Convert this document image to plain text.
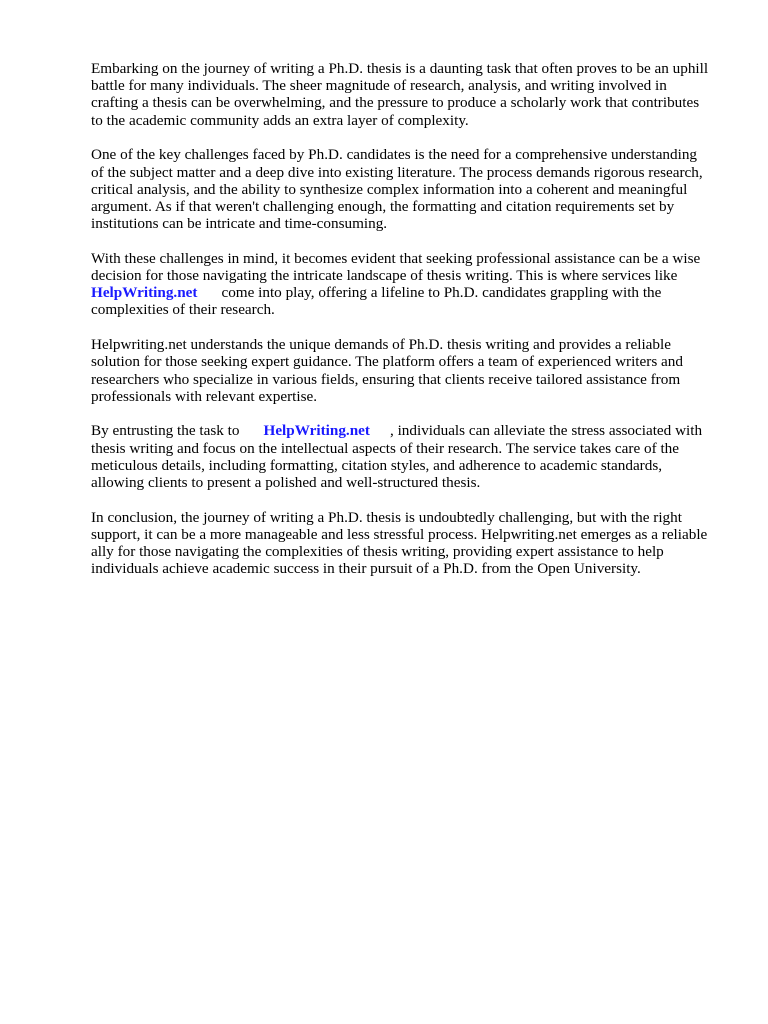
Embarking on the journey of writing a Ph.D. thesis is a daunting task that often proves to be an uphill
battle for many individuals. The sheer magnitude of research, analysis, and writing involved in
crafting a thesis can be overwhelming, and the pressure to produce a scholarly work that contributes
to the academic community adds an extra layer of complexity.

One of the key challenges faced by Ph.D. candidates is the need for a comprehensive understanding
of the subject matter and a deep dive into existing literature. The process demands rigorous research,
critical analysis, and the ability to synthesize complex information into a coherent and meaningful
argument. As if that weren't challenging enough, the formatting and citation requirements set by
institutions can be intricate and time-consuming.

With these challenges in mind, it becomes evident that seeking professional assistance can be a wise
decision for those navigating the intricate landscape of thesis writing. This is where services like
HelpWriting.net come into play, offering a lifeline to Ph.D. candidates grappling with the
complexities of their research.

Helpwriting.net understands the unique demands of Ph.D. thesis writing and provides a reliable
solution for those seeking expert guidance. The platform offers a team of experienced writers and
researchers who specialize in various fields, ensuring that clients receive tailored assistance from
professionals with relevant expertise.

By entrusting the task to HelpWriting.net , individuals can alleviate the stress associated with
thesis writing and focus on the intellectual aspects of their research. The service takes care of the
meticulous details, including formatting, citation styles, and adherence to academic standards,
allowing clients to present a polished and well-structured thesis.

In conclusion, the journey of writing a Ph.D. thesis is undoubtedly challenging, but with the right
support, it can be a more manageable and less stressful process. Helpwriting.net emerges as a reliable
ally for those navigating the complexities of thesis writing, providing expert assistance to help
individuals achieve academic success in their pursuit of a Ph.D. from the Open University.
